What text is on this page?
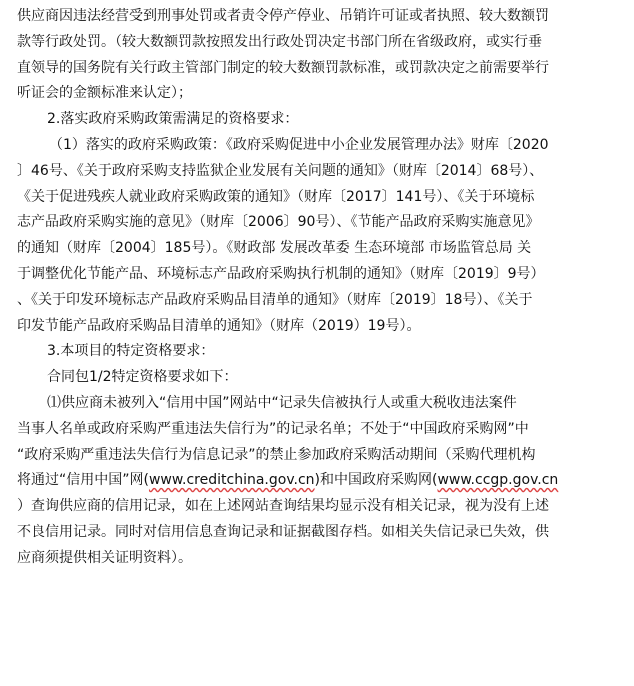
供应商因违法经营受到刑事处罚或者责令停产停业、吊销许可证或者执照、较大数额罚

款等行政处罚。（较大数额罚款按照发出行政处罚决定书部门所在省级政府，或实行垂

直领导的国务院有关行政主管部门制定的较大数额罚款标准，或罚款决定之前需要举行

听证会的金额标准来认定）；

2.落实政府采购政策需满足的资格要求：

（1）落实的政府采购政策：《政府采购促进中小企业发展管理办法》财库〔2020

〕46号、《关于政府采购支持监狱企业发展有关问题的通知》（财库〔2014〕68号）、

《关于促进残疾人就业政府采购政策的通知》（财库〔2017〕141号）、《关于环境标

志产品政府采购实施的意见》（财库〔2006〕90号）、《节能产品政府采购实施意见》

的通知（财库〔2004〕185号）。《财政部 发展改革委 生态环境部 市场监管总局 关

于调整优化节能产品、环境标志产品政府采购执行机制的通知》（财库〔2019〕9号）

、《关于印发环境标志产品政府采购品目清单的通知》（财库〔2019〕18号）、《关于

印发节能产品政府采购品目清单的通知》（财库（2019）19号）。

3.本项目的特定资格要求：

合同包1/2特定资格要求如下：

⑴供应商未被列入“信用中国”网站中“记录失信被执行人或重大税收违法案件

当事人名单或政府采购严重违法失信行为”的记录名单；不处于“中国政府采购网”中

“政府采购严重违法失信行为信息记录”的禁止参加政府采购活动期间（采购代理机构

将通过“信用中国”网(www.creditchina.gov.cn)和中国政府采购网(www.ccgp.gov.cn

）查询供应商的信用记录，如在上述网站查询结果均显示没有相关记录，视为没有上述

不良信用记录。同时对信用信息查询记录和证据截图存档。如相关失信记录已失效，供

应商须提供相关证明资料）。
